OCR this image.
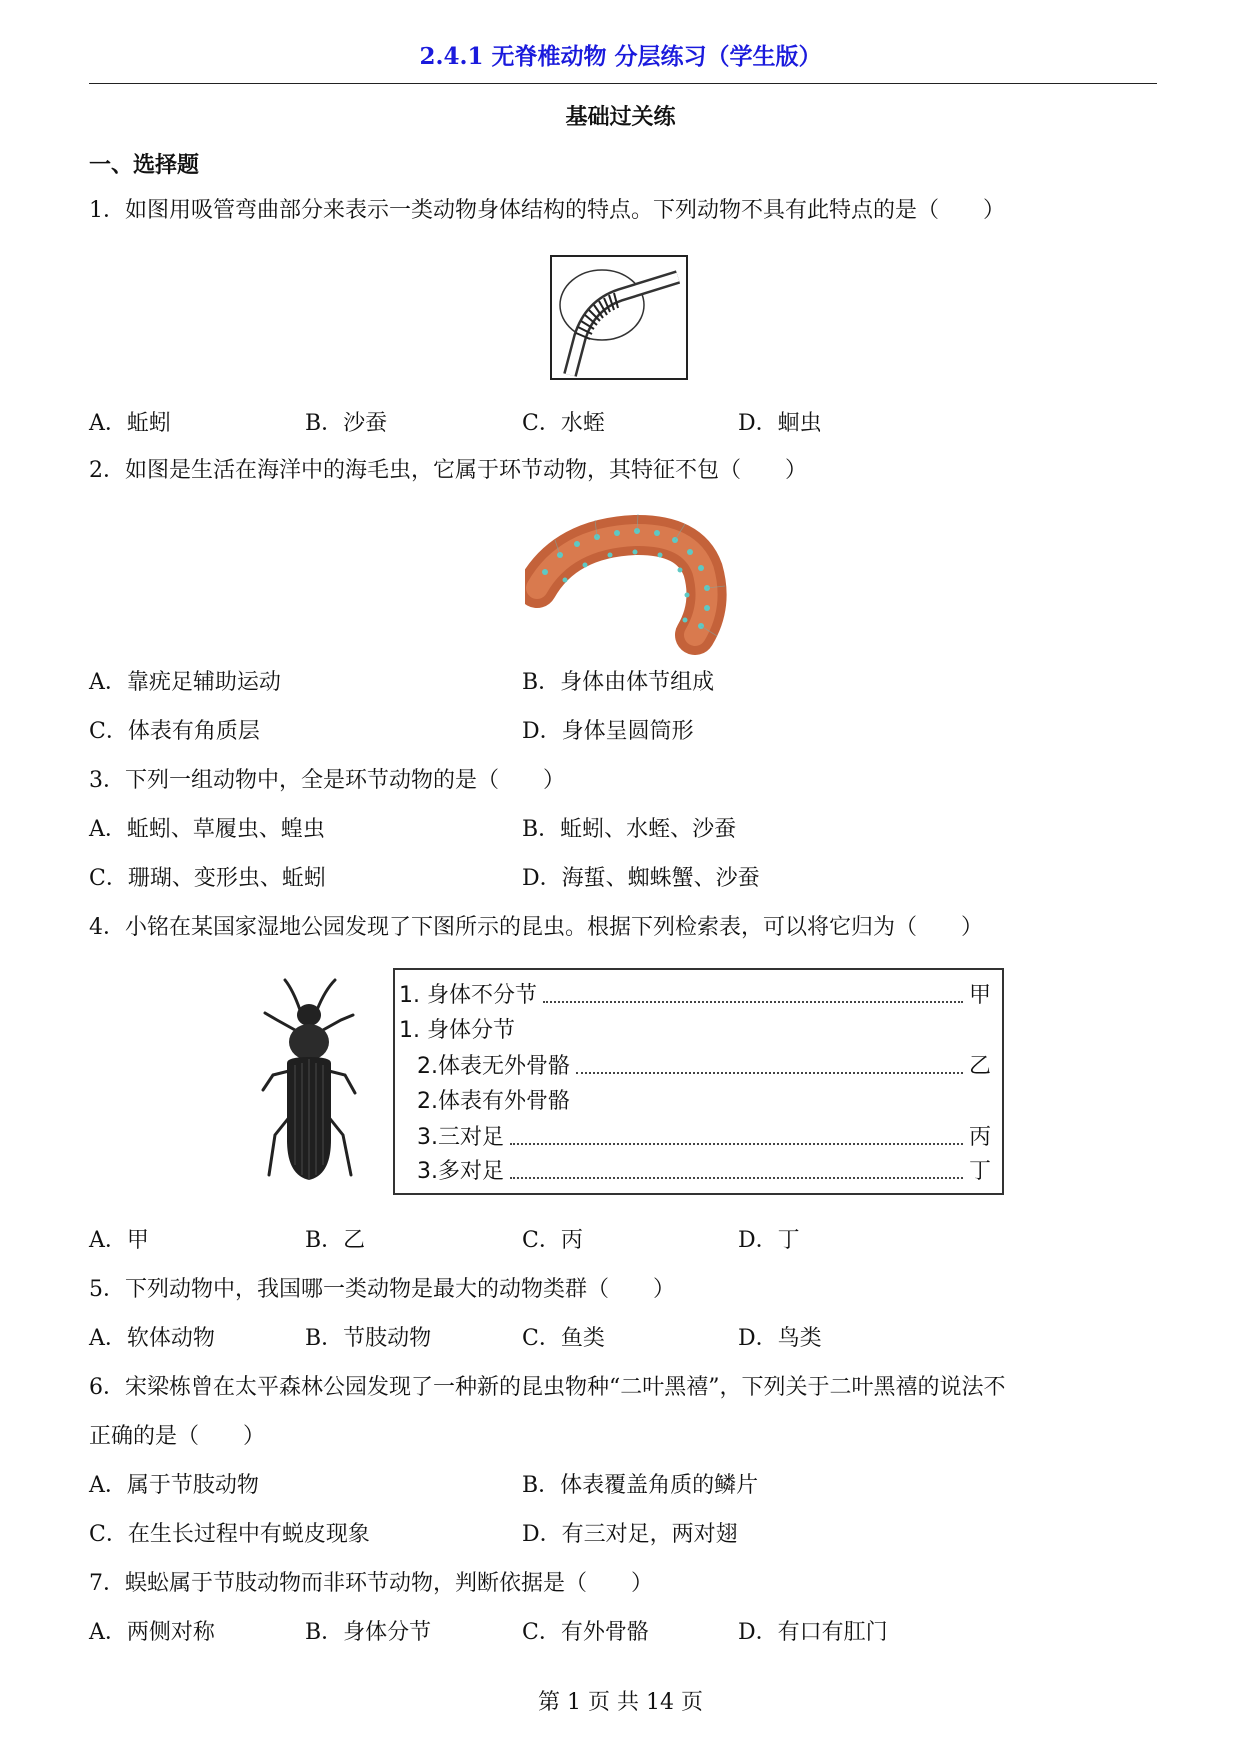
2.4.1 无脊椎动物 分层练习（学生版）
基础过关练
一、选择题
1．如图用吸管弯曲部分来表示一类动物身体结构的特点。下列动物不具有此特点的是（　　）
A．蚯蚓	B．沙蚕	C．水蛭	D．蛔虫
2．如图是生活在海洋中的海毛虫，它属于环节动物，其特征不包（　　）
A．靠疣足辅助运动	B．身体由体节组成
C．体表有角质层	D．身体呈圆筒形
3．下列一组动物中，全是环节动物的是（　　）
A．蚯蚓、草履虫、蝗虫	B．蚯蚓、水蛭、沙蚕
C．珊瑚、变形虫、蚯蚓	D．海蜇、蜘蛛蟹、沙蚕
4．小铭在某国家湿地公园发现了下图所示的昆虫。根据下列检索表，可以将它归为（　　）
1. 身体不分节	甲
1. 身体分节
2.体表无外骨骼	乙
2.体表有外骨骼
3.三对足	丙
3.多对足	丁
A．甲	B．乙	C．丙	D．丁
5．下列动物中，我国哪一类动物是最大的动物类群（　　）
A．软体动物	B．节肢动物	C．鱼类	D．鸟类
6．宋梁栋曾在太平森林公园发现了一种新的昆虫物种“二叶黑禧”，下列关于二叶黑禧的说法不
正确的是（　　）
A．属于节肢动物	B．体表覆盖角质的鳞片
C．在生长过程中有蜕皮现象	D．有三对足，两对翅
7．蜈蚣属于节肢动物而非环节动物，判断依据是（　　）
A．两侧对称	B．身体分节	C．有外骨骼	D．有口有肛门
第 1 页 共 14 页
